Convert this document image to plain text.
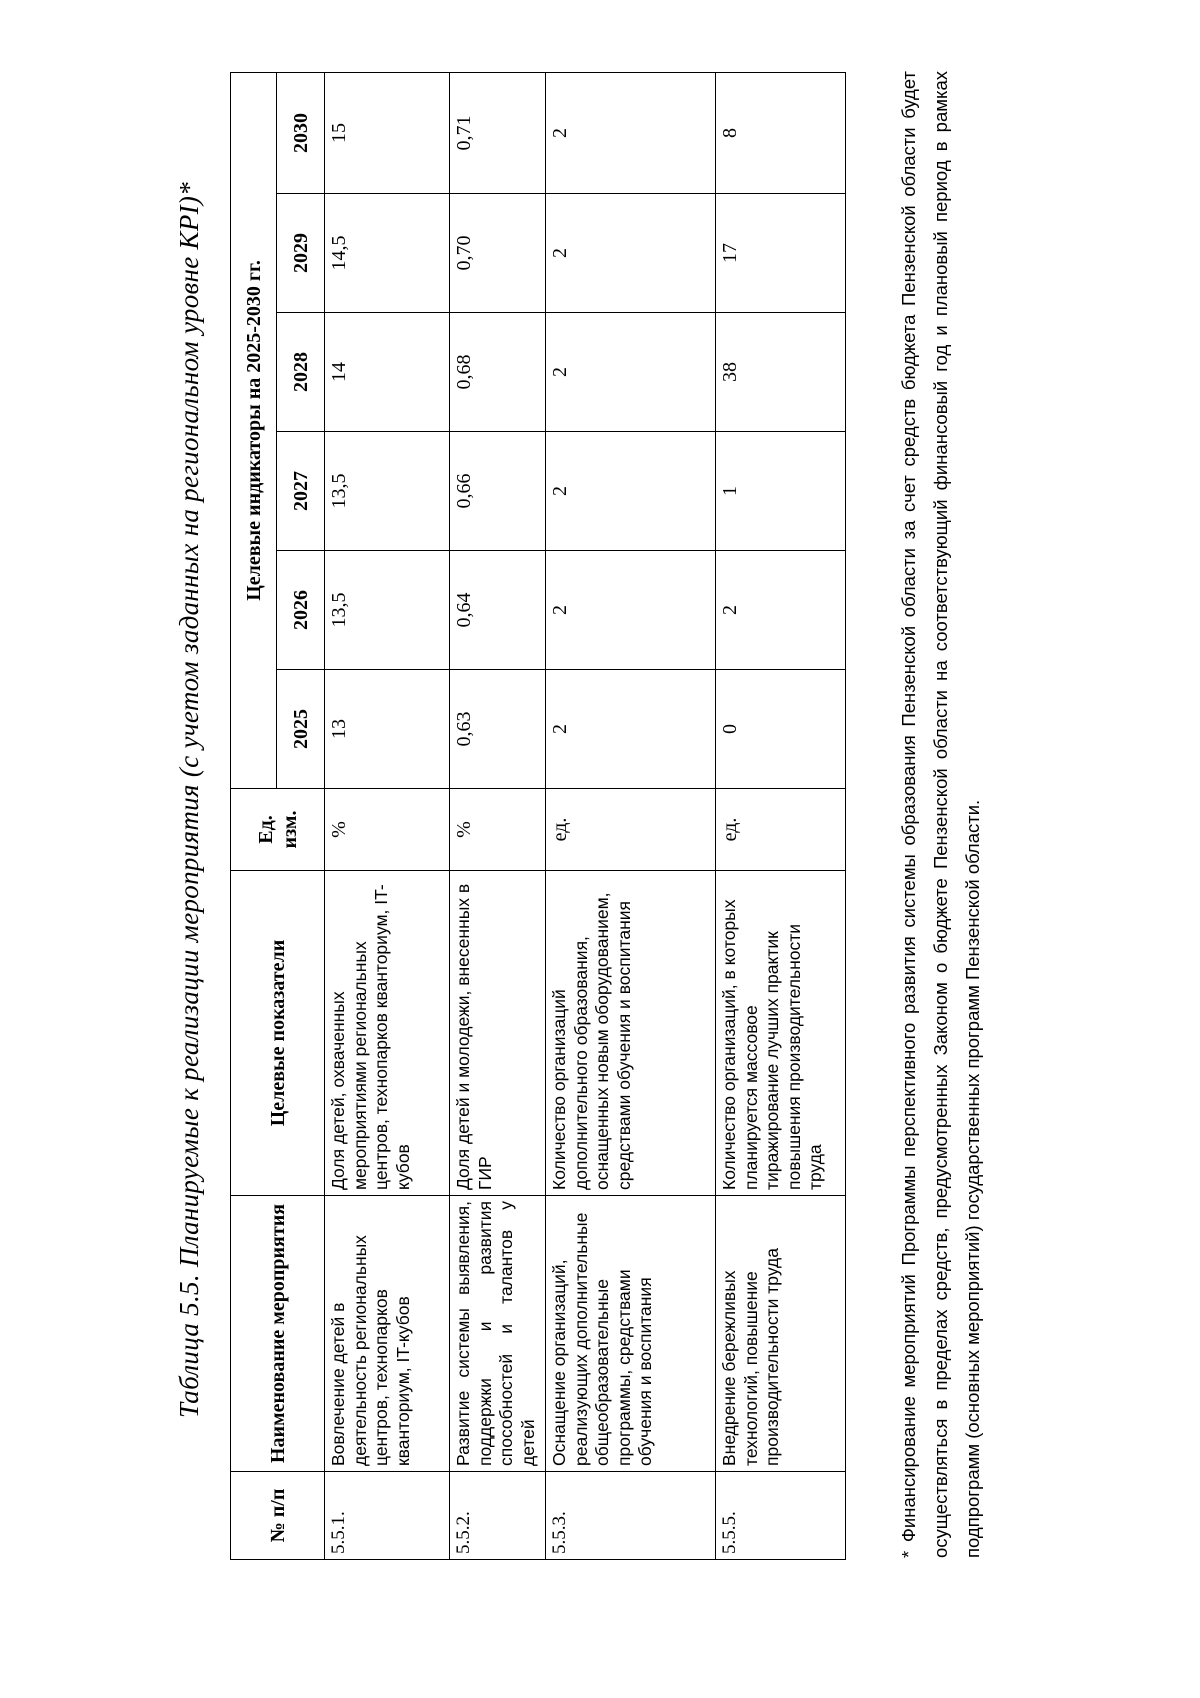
Таблица 5.5. Планируемые к реализации мероприятия (с учетом заданных на региональном уровне KPI)*
№ п/п	Наименование мероприятия	Целевые показатели	Ед. изм.	Целевые индикаторы на 2025-2030 гг.					
				2025	2026	2027	2028	2029	2030
5.5.1.	Вовлечение детей в деятельность региональных центров, технопарков кванториум, IT-кубов	Доля детей, охваченных мероприятиями региональных центров, технопарков кванториум, IT-кубов	%	13	13,5	13,5	14	14,5	15
5.5.2.	Развитие системы выявления, поддержки и развития способностей и талантов у детей	Доля детей и молодежи, внесенных в ГИР	%	0,63	0,64	0,66	0,68	0,70	0,71
5.5.3.	Оснащение организаций, реализующих дополнительные общеобразовательные программы, средствами обучения и воспитания	Количество организаций дополнительного образования, оснащенных новым оборудованием, средствами обучения и воспитания	ед.	2	2	2	2	2	2
5.5.5.	Внедрение бережливых технологий, повышение производительности труда	Количество организаций, в которых планируется массовое тиражирование лучших практик повышения производительности труда	ед.	0	2	1	38	17	8	* Финансирование мероприятий Программы перспективного развития системы образования Пензенской области за счет средств бюджета Пензенской области будет осуществляться в пределах средств, предусмотренных Законом о бюджете Пензенской области на соответствующий финансовый год и плановый период в рамках подпрограмм (основных мероприятий) государственных программ Пензенской области.
